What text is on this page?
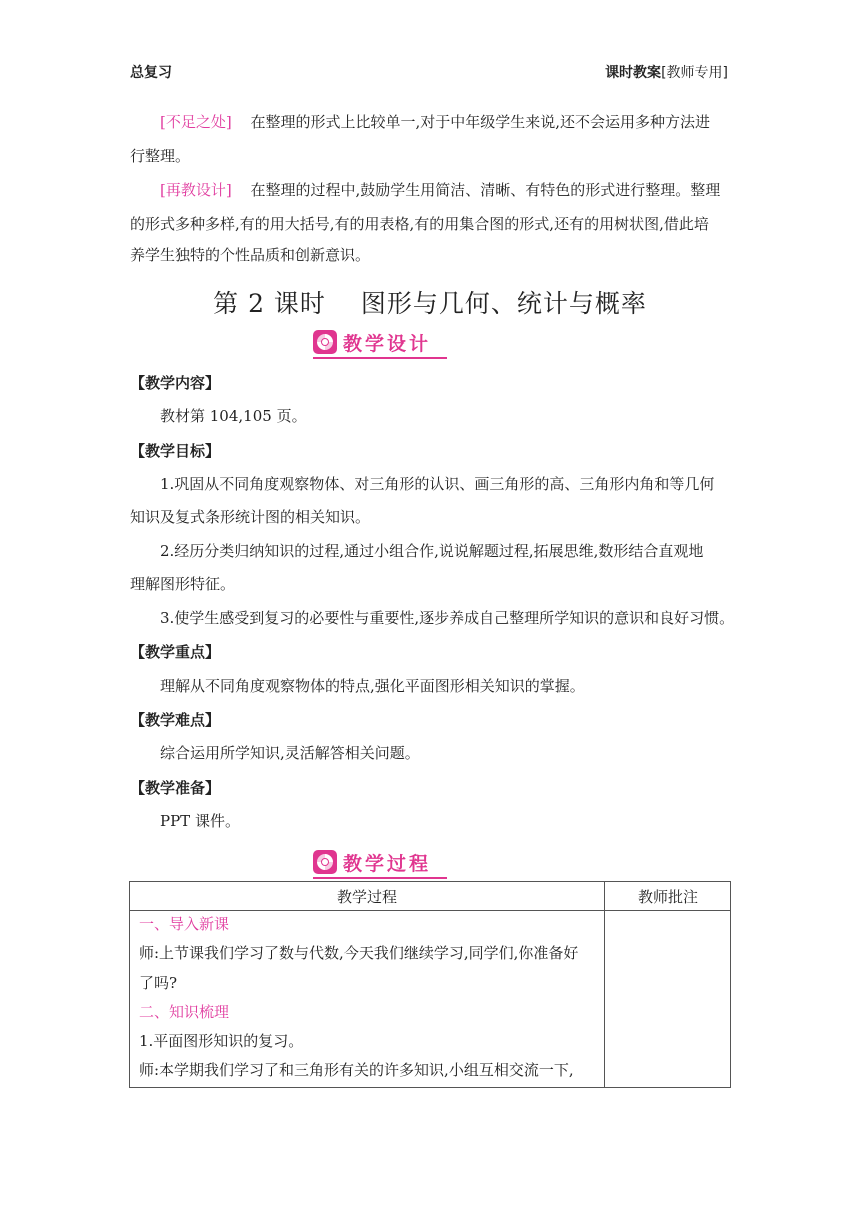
总复习	课时教案[教师专用]
[不足之处] 在整理的形式上比较单一,对于中年级学生来说,还不会运用多种方法进
行整理。
[再教设计] 在整理的过程中,鼓励学生用简洁、清晰、有特色的形式进行整理。整理
的形式多种多样,有的用大括号,有的用表格,有的用集合图的形式,还有的用树状图,借此培
养学生独特的个性品质和创新意识。
第 2 课时　 图形与几何、统计与概率
教学设计
【教学内容】
教材第 104,105 页。
【教学目标】
1.巩固从不同角度观察物体、对三角形的认识、画三角形的高、三角形内角和等几何
知识及复式条形统计图的相关知识。
2.经历分类归纳知识的过程,通过小组合作,说说解题过程,拓展思维,数形结合直观地
理解图形特征。
3.使学生感受到复习的必要性与重要性,逐步养成自己整理所学知识的意识和良好习惯。
【教学重点】
理解从不同角度观察物体的特点,强化平面图形相关知识的掌握。
【教学难点】
综合运用所学知识,灵活解答相关问题。
【教学准备】
PPT 课件。
教学过程
教学过程	教师批注
一、导入新课
师:上节课我们学习了数与代数,今天我们继续学习,同学们,你准备好
了吗?
二、知识梳理
1.平面图形知识的复习。
师:本学期我们学习了和三角形有关的许多知识,小组互相交流一下,
